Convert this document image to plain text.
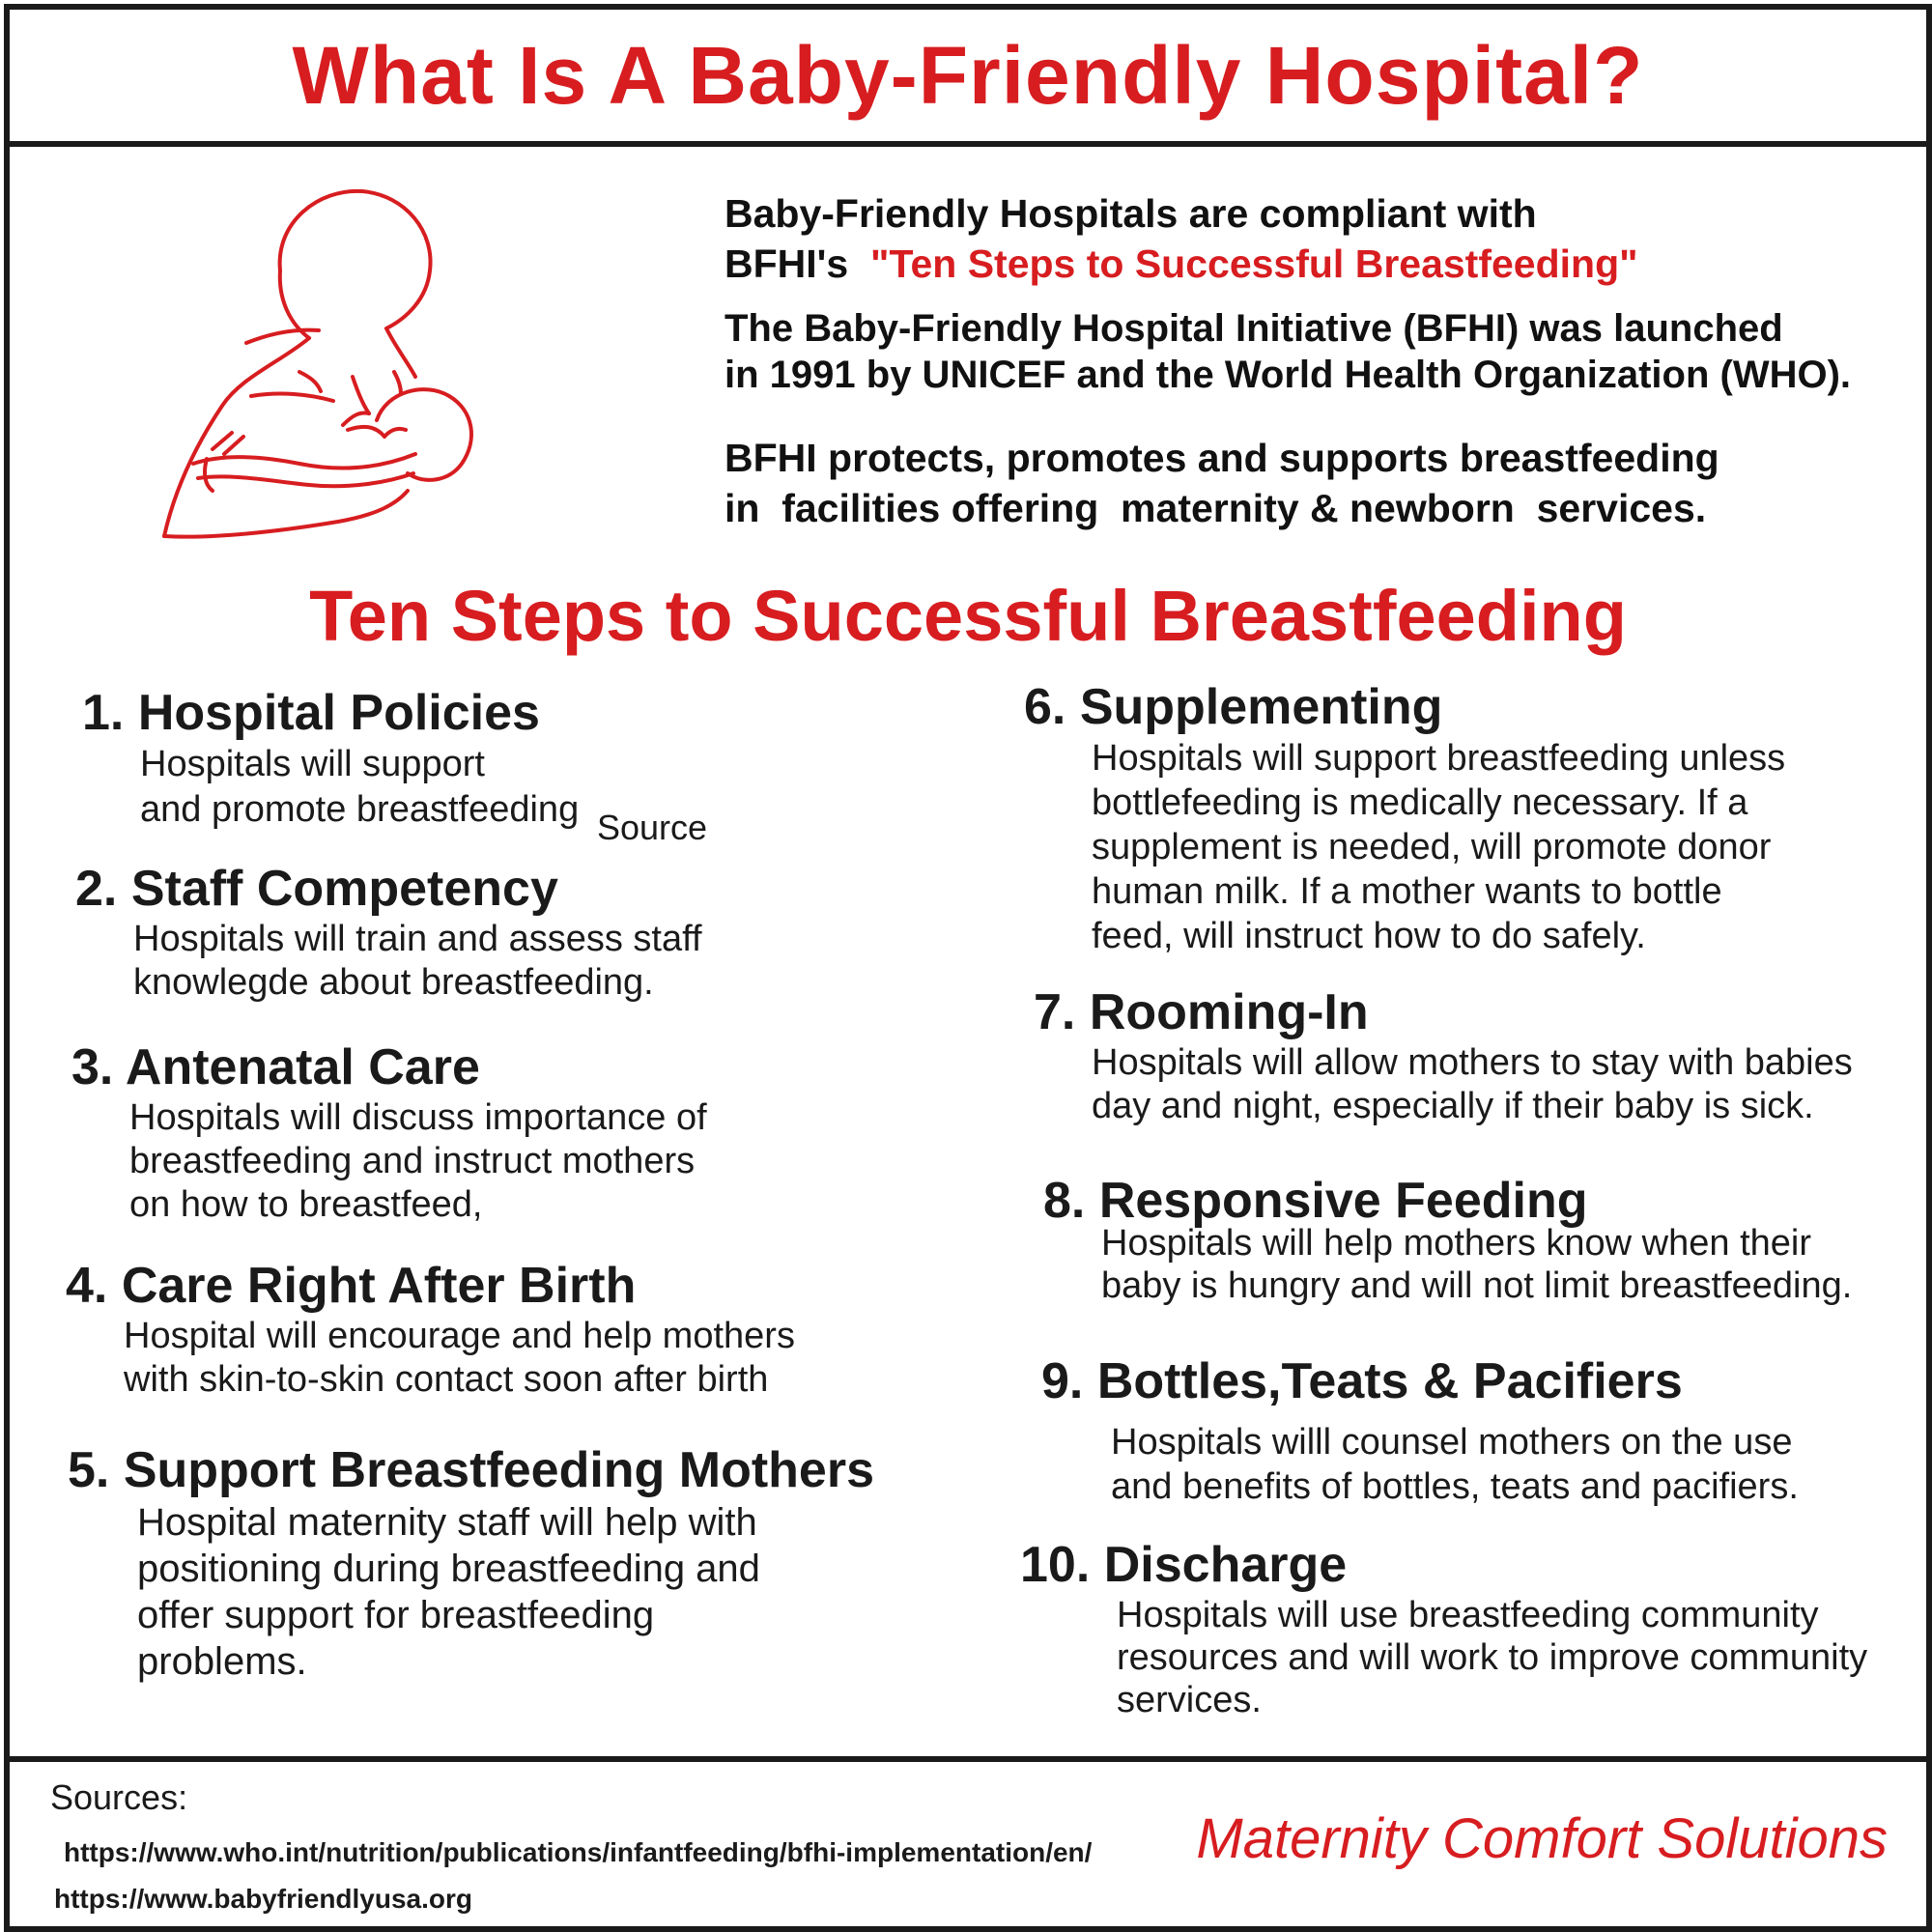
What Is A Baby-Friendly Hospital?
Baby-Friendly Hospitals are compliant with
BFHI's "Ten Steps to Successful Breastfeeding"
The Baby-Friendly Hospital Initiative (BFHI) was launched
in 1991 by UNICEF and the World Health Organization (WHO).
BFHI protects, promotes and supports breastfeeding
in  facilities offering  maternity & newborn  services.
Ten Steps to Successful Breastfeeding
1. Hospital Policies
Hospitals will support
and promote breastfeeding Source
2. Staff Competency
Hospitals will train and assess staff
knowlegde about breastfeeding.
3. Antenatal Care
Hospitals will discuss importance of
breastfeeding and instruct mothers
on how to breastfeed,
4. Care Right After Birth
Hospital will encourage and help mothers
with skin-to-skin contact soon after birth
5. Support Breastfeeding Mothers
Hospital maternity staff will help with
positioning during breastfeeding and
offer support for breastfeeding
problems.
6. Supplementing
Hospitals will support breastfeeding unless
bottlefeeding is medically necessary. If a
supplement is needed, will promote donor
human milk. If a mother wants to bottle
feed, will instruct how to do safely.
7. Rooming-In
Hospitals will allow mothers to stay with babies
day and night, especially if their baby is sick.
8. Responsive Feeding
Hospitals will help mothers know when their
baby is hungry and will not limit breastfeeding.
9. Bottles,Teats & Pacifiers
Hospitals willl counsel mothers on the use
and benefits of bottles, teats and pacifiers.
10. Discharge
Hospitals will use breastfeeding community
resources and will work to improve community
services.
Sources:
https://www.who.int/nutrition/publications/infantfeeding/bfhi-implementation/en/
https://www.babyfriendlyusa.org
Maternity Comfort Solutions
